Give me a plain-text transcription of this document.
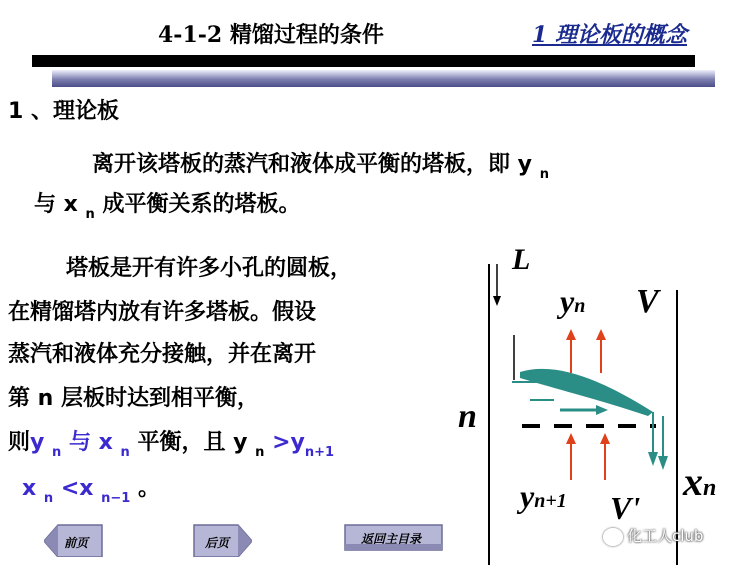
4-1-2 精馏过程的条件	1 理论板的概念
1 、理论板
离开该塔板的蒸汽和液体成平衡的塔板，即 y $_n$
与 x $_n$ 成平衡关系的塔板。
塔板是开有许多小孔的圆板，
在精馏塔内放有许多塔板。假设
蒸汽和液体充分接触，并在离开
第 n 层板时达到相平衡，
则y $_n$ 与 x $_n$ 平衡，且 y $_n >y_{n+1}$
x $_n$ <x $_{n-1}$ 。
L
yn V
n
xn
yn+1 V'
前页	后页	返回主目录	化工人club
